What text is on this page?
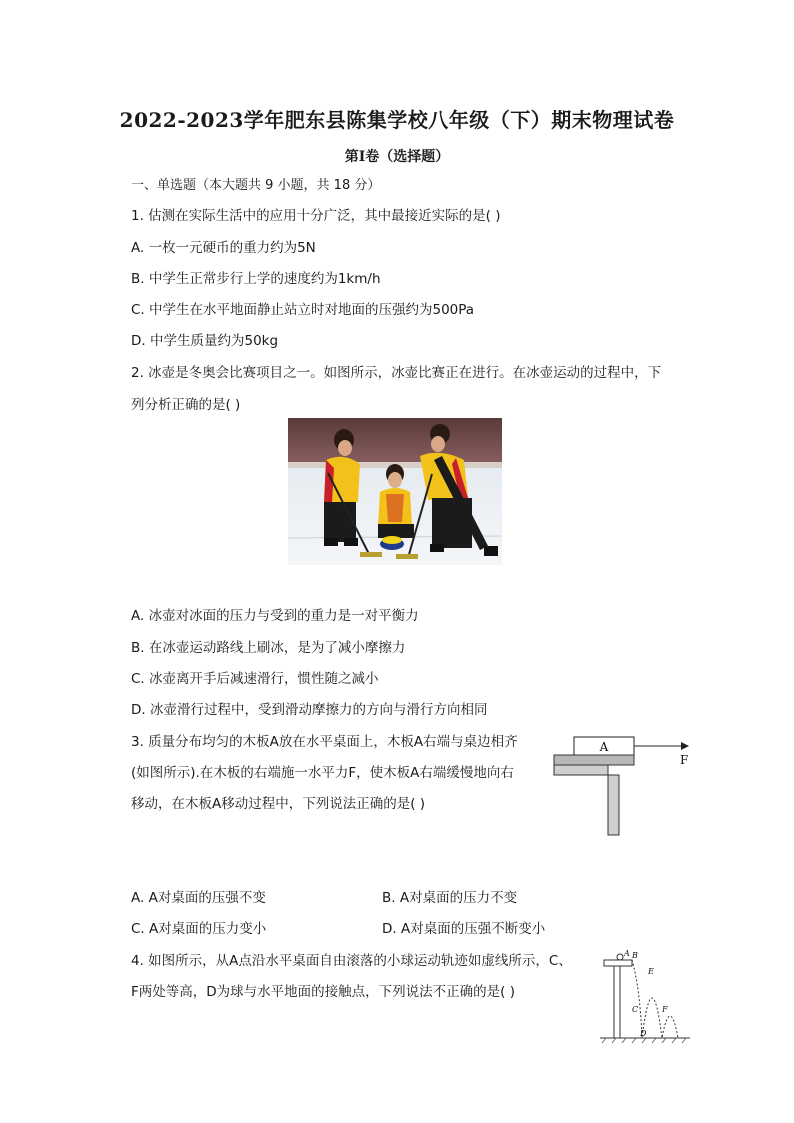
2022-2023学年肥东县陈集学校八年级（下）期末物理试卷
第Ⅰ卷（选择题）
一、单选题（本大题共 9 小题，共 18 分）
1. 估测在实际生活中的应用十分广泛，其中最接近实际的是( )
A. 一枚一元硬币的重力约为5N
B. 中学生正常步行上学的速度约为1km/h
C. 中学生在水平地面静止站立时对地面的压强约为500Pa
D. 中学生质量约为50kg
2. 冰壶是冬奥会比赛项目之一。如图所示，冰壶比赛正在进行。在冰壶运动的过程中，下
列分析正确的是( )
A. 冰壶对冰面的压力与受到的重力是一对平衡力
B. 在冰壶运动路线上刷冰，是为了减小摩擦力
C. 冰壶离开手后减速滑行，惯性随之减小
D. 冰壶滑行过程中，受到滑动摩擦力的方向与滑行方向相同
3. 质量分布均匀的木板A放在水平桌面上，木板A右端与桌边相齐
(如图所示).在木板的右端施一水平力F，使木板A右端缓慢地向右
移动，在木板A移动过程中，下列说法正确的是( )
A
F
A. A对桌面的压强不变	B. A对桌面的压力不变
C. A对桌面的压力变小	D. A对桌面的压强不断变小
4. 如图所示，从A点沿水平桌面自由滚落的小球运动轨迹如虚线所示，C、
F两处等高，D为球与水平地面的接触点，下列说法不正确的是( )
A B
C
D
E
F
